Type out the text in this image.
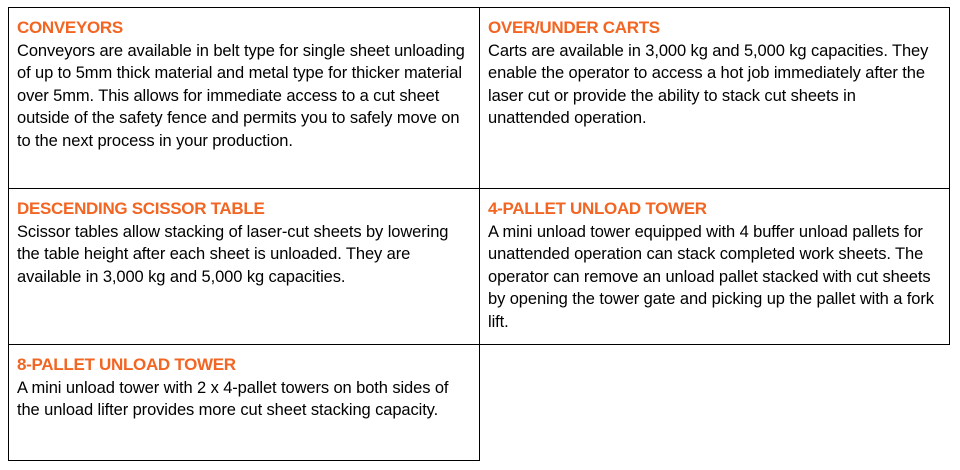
CONVEYORS
Conveyors are available in belt type for single sheet unloading of up to 5mm thick material and metal type for thicker material over 5mm. This allows for immediate access to a cut sheet outside of the safety fence and permits you to safely move on to the next process in your production.
OVER/UNDER CARTS
Carts are available in 3,000 kg and 5,000 kg capacities. They enable the operator to access a hot job immediately after the laser cut or provide the ability to stack cut sheets in unattended operation.
DESCENDING SCISSOR TABLE
Scissor tables allow stacking of laser-cut sheets by lowering the table height after each sheet is unloaded. They are available in 3,000 kg and 5,000 kg capacities.
4-PALLET UNLOAD TOWER
A mini unload tower equipped with 4 buffer unload pallets for unattended operation can stack completed work sheets. The operator can remove an unload pallet stacked with cut sheets by opening the tower gate and picking up the pallet with a fork lift.
8-PALLET UNLOAD TOWER
A mini unload tower with 2 x 4-pallet towers on both sides of the unload lifter provides more cut sheet stacking capacity.
